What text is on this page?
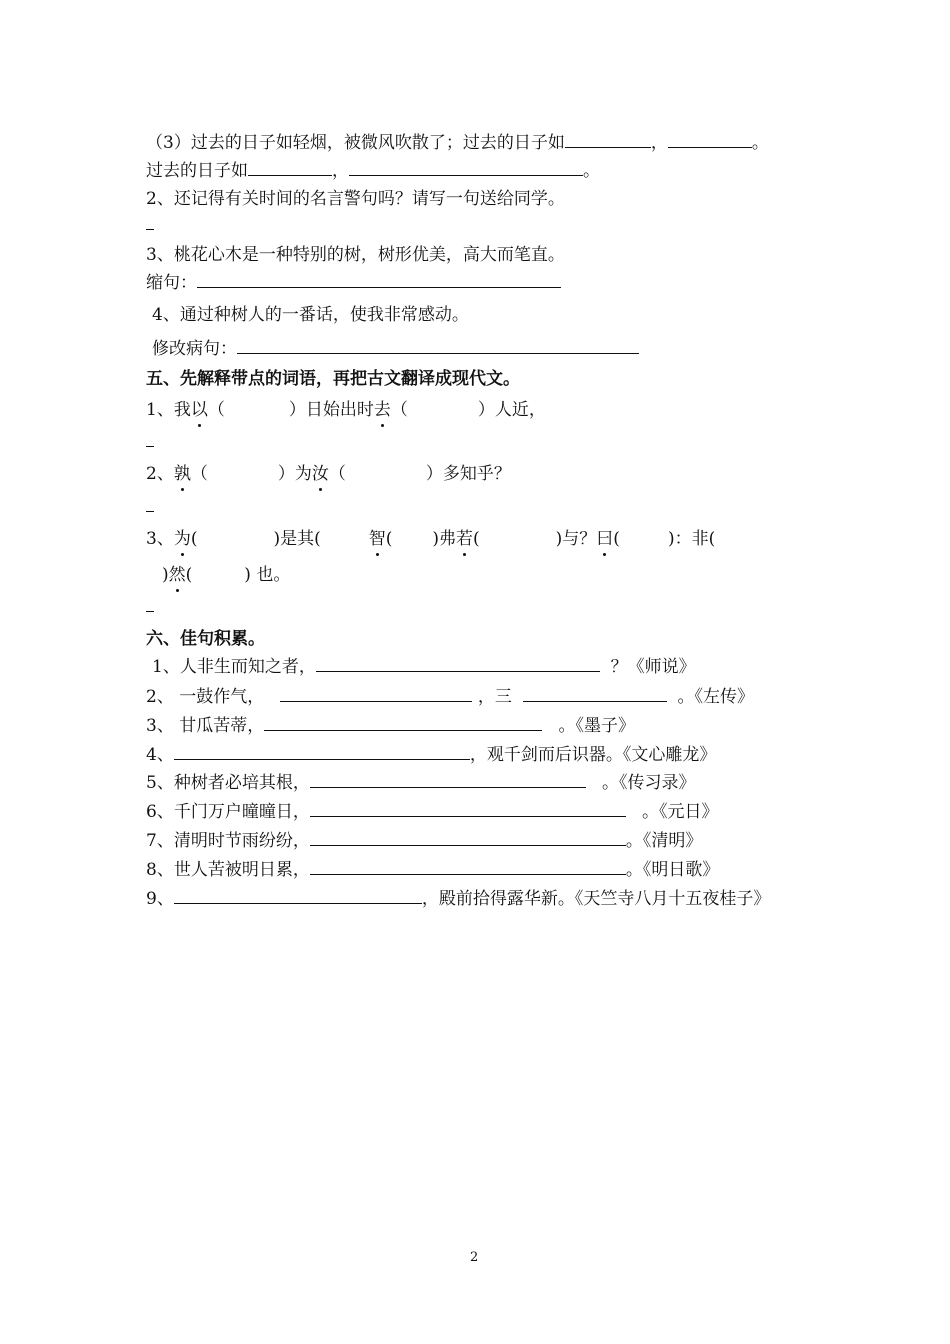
（3）过去的日子如轻烟，被微风吹散了；过去的日子如	，	。
过去的日子如	，	。
2、还记得有关时间的名言警句吗？请写一句送给同学。
3、桃花心木是一种特别的树，树形优美，高大而笔直。
缩句：
4、通过种树人的一番话，使我非常感动。
修改病句：
五、先解释带点的词语，再把古文翻译成现代文。
1、我以（	）日始出时去（	）人近，
2、孰（	）为汝（	）多知乎？
3、为(	)是其(	智( )弗若(	)与？曰(	)：非(
)然(	) 也。
六、佳句积累。
1、人非生而知之者，	？《师说》
2、 一鼓作气，	，三	。《左传》
3、 甘瓜苦蒂，	。《墨子》
4、	，观千剑而后识器。《文心雕龙》
5、种树者必培其根，	。《传习录》
6、千门万户曈曈日，	。《元日》
7、清明时节雨纷纷，	。《清明》
8、世人苦被明日累，	。《明日歌》
9、	，殿前拾得露华新。《天竺寺八月十五夜桂子》
2
